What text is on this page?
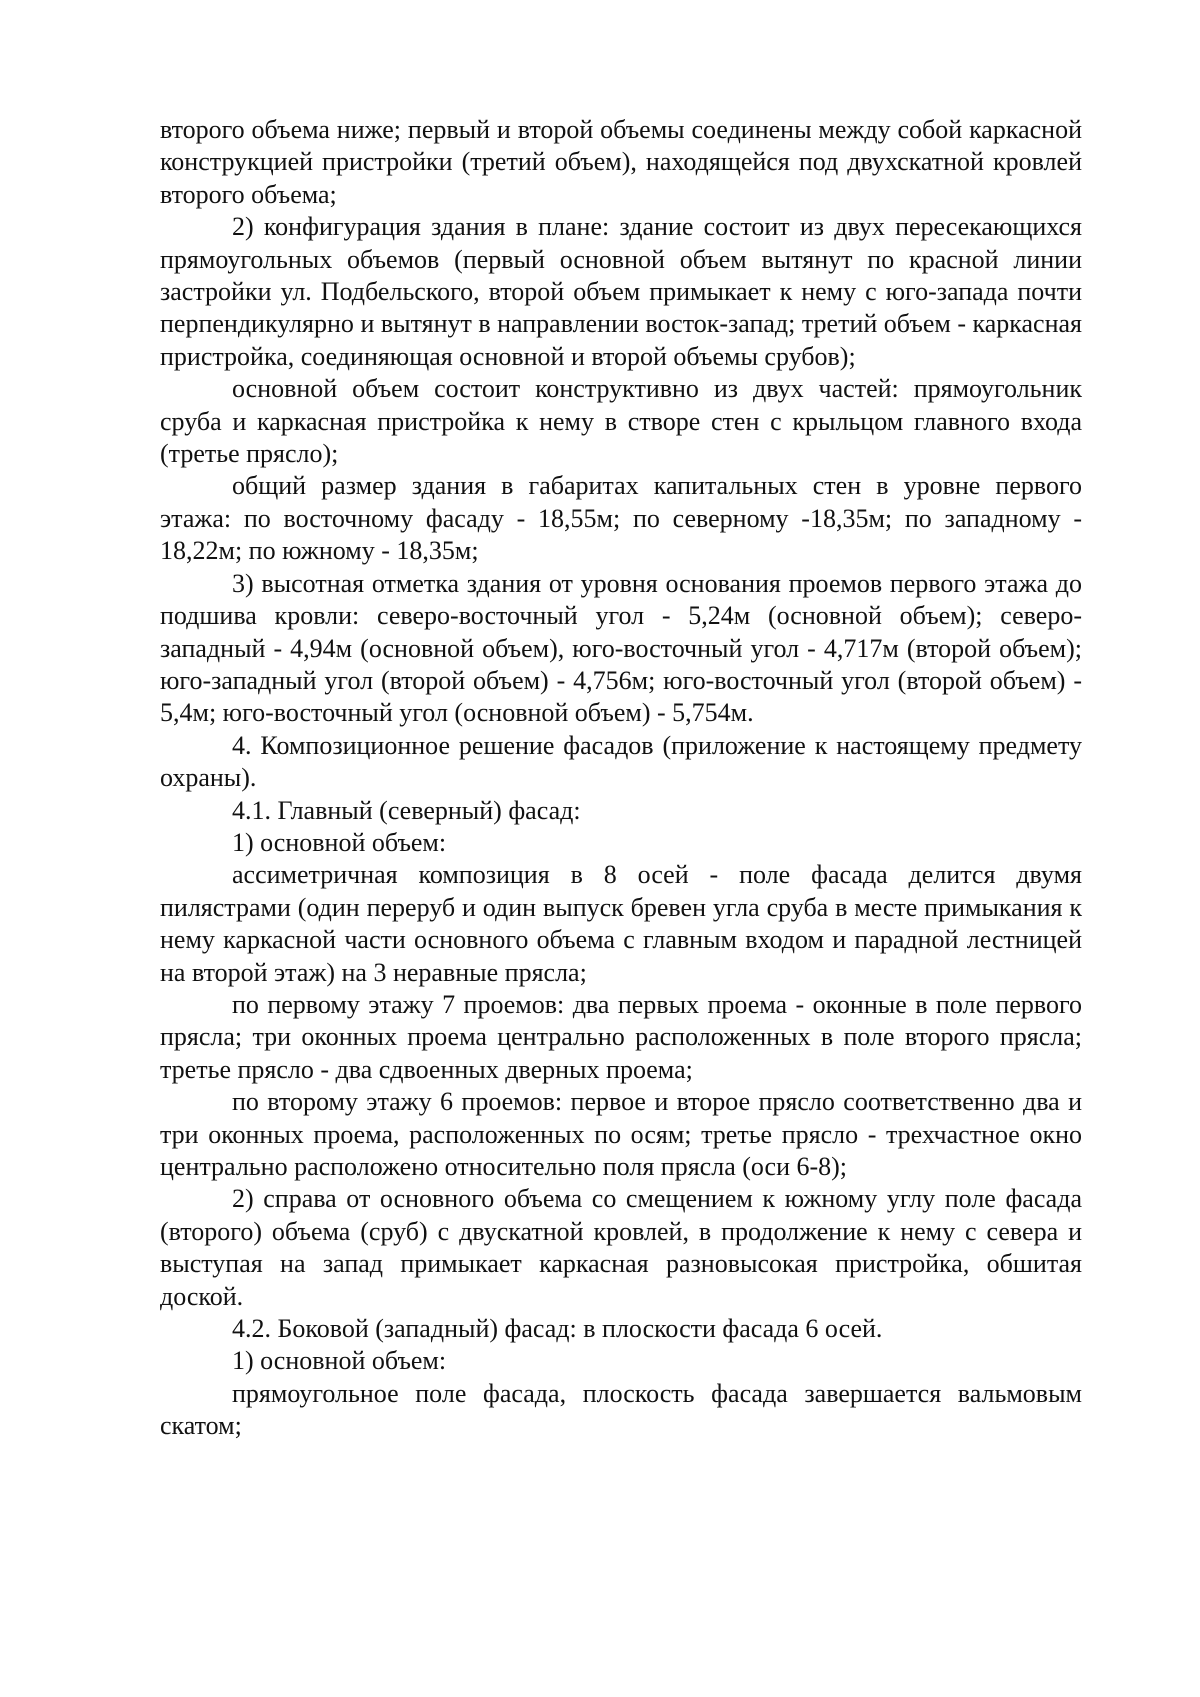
второго объема ниже; первый и второй объемы соединены между собой каркасной конструкцией пристройки (третий объем), находящейся под двухскатной кровлей второго объема;

2) конфигурация здания в плане: здание состоит из двух пересекающихся прямоугольных объемов (первый основной объем вытянут по красной линии застройки ул. Подбельского, второй объем примыкает к нему с юго-запада почти перпендикулярно и вытянут в направлении восток-запад; третий объем - каркасная пристройка, соединяющая основной и второй объемы срубов);

основной объем состоит конструктивно из двух частей: прямоугольник сруба и каркасная пристройка к нему в створе стен с крыльцом главного входа (третье прясло);

общий размер здания в габаритах капитальных стен в уровне первого этажа: по восточному фасаду - 18,55м; по северному -18,35м; по западному - 18,22м; по южному - 18,35м;

3) высотная отметка здания от уровня основания проемов первого этажа до подшива кровли: северо-восточный угол - 5,24м (основной объем); северо-западный - 4,94м (основной объем), юго-восточный угол - 4,717м (второй объем); юго-западный угол (второй объем) - 4,756м; юго-восточный угол (второй объем) - 5,4м; юго-восточный угол (основной объем) - 5,754м.

4. Композиционное решение фасадов (приложение к настоящему предмету охраны).

4.1. Главный (северный) фасад:

1) основной объем:

ассиметричная композиция в 8 осей - поле фасада делится двумя пилястрами (один переруб и один выпуск бревен угла сруба в месте примыкания к нему каркасной части основного объема с главным входом и парадной лестницей на второй этаж) на 3 неравные прясла;

по первому этажу 7 проемов: два первых проема - оконные в поле первого прясла; три оконных проема центрально расположенных в поле второго прясла; третье прясло - два сдвоенных дверных проема;

по второму этажу 6 проемов: первое и второе прясло соответственно два и три оконных проема, расположенных по осям; третье прясло - трехчастное окно центрально расположено относительно поля прясла (оси 6-8);

2) справа от основного объема со смещением к южному углу поле фасада (второго) объема (сруб) с двускатной кровлей, в продолжение к нему с севера и выступая на запад примыкает каркасная разновысокая пристройка, обшитая доской.

4.2. Боковой (западный) фасад: в плоскости фасада 6 осей.

1) основной объем:

прямоугольное поле фасада, плоскость фасада завершается вальмовым скатом;
